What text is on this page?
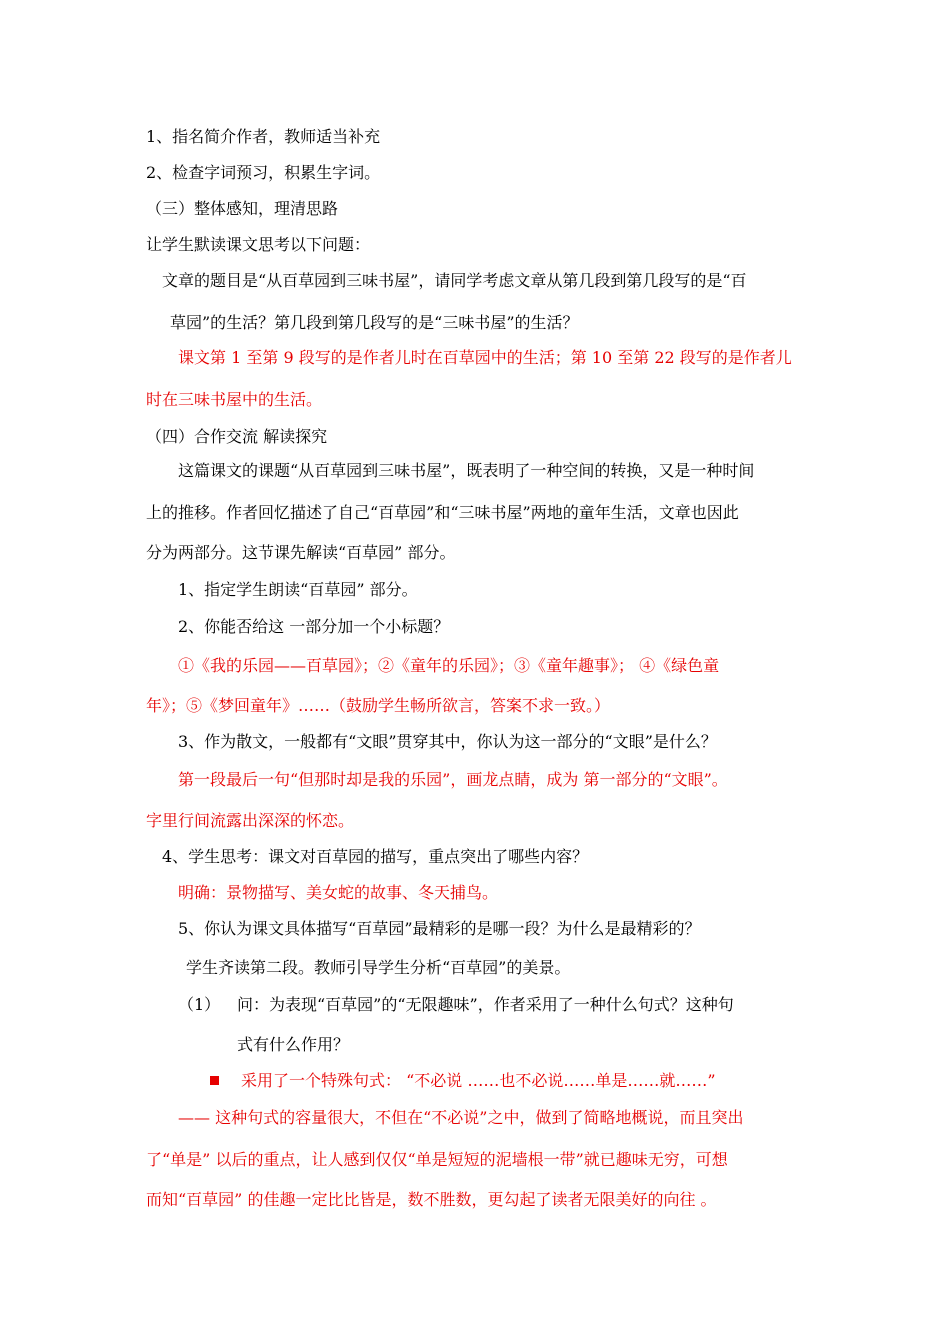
1、指名简介作者，教师适当补充
2、检查字词预习，积累生字词。
（三）整体感知，理清思路
让学生默读课文思考以下问题：
文章的题目是“从百草园到三味书屋”，请同学考虑文章从第几段到第几段写的是“百
草园”的生活？第几段到第几段写的是“三味书屋”的生活？
课文第 1 至第 9 段写的是作者儿时在百草园中的生活；第 10 至第 22 段写的是作者儿
时在三味书屋中的生活。
（四）合作交流 解读探究
这篇课文的课题“从百草园到三味书屋”，既表明了一种空间的转换，又是一种时间
上的推移。作者回忆描述了自己“百草园”和“三味书屋”两地的童年生活，文章也因此
分为两部分。这节课先解读“百草园” 部分。
1、指定学生朗读“百草园” 部分。
2、你能否给这 一部分加一个小标题？
①《我的乐园——百草园》；②《童年的乐园》；③《童年趣事》； ④《绿色童
年》；⑤《梦回童年》……（鼓励学生畅所欲言，答案不求一致。）
3、作为散文，一般都有“文眼”贯穿其中，你认为这一部分的“文眼”是什么？
第一段最后一句“但那时却是我的乐园”，画龙点睛，成为 第一部分的“文眼”。
字里行间流露出深深的怀恋。
4、学生思考：课文对百草园的描写，重点突出了哪些内容？
明确：景物描写、美女蛇的故事、冬天捕鸟。
5、你认为课文具体描写“百草园”最精彩的是哪一段？为什么是最精彩的？
学生齐读第二段。教师引导学生分析“百草园”的美景。
（1） 问：为表现“百草园”的“无限趣味”，作者采用了一种什么句式？这种句
式有什么作用？
采用了一个特殊句式： “不必说 ……也不必说……单是……就……”
—— 这种句式的容量很大，不但在“不必说”之中，做到了简略地概说，而且突出
了“单是” 以后的重点，让人感到仅仅“单是短短的泥墙根一带”就已趣味无穷，可想
而知“百草园” 的佳趣一定比比皆是，数不胜数，更勾起了读者无限美好的向往 。
